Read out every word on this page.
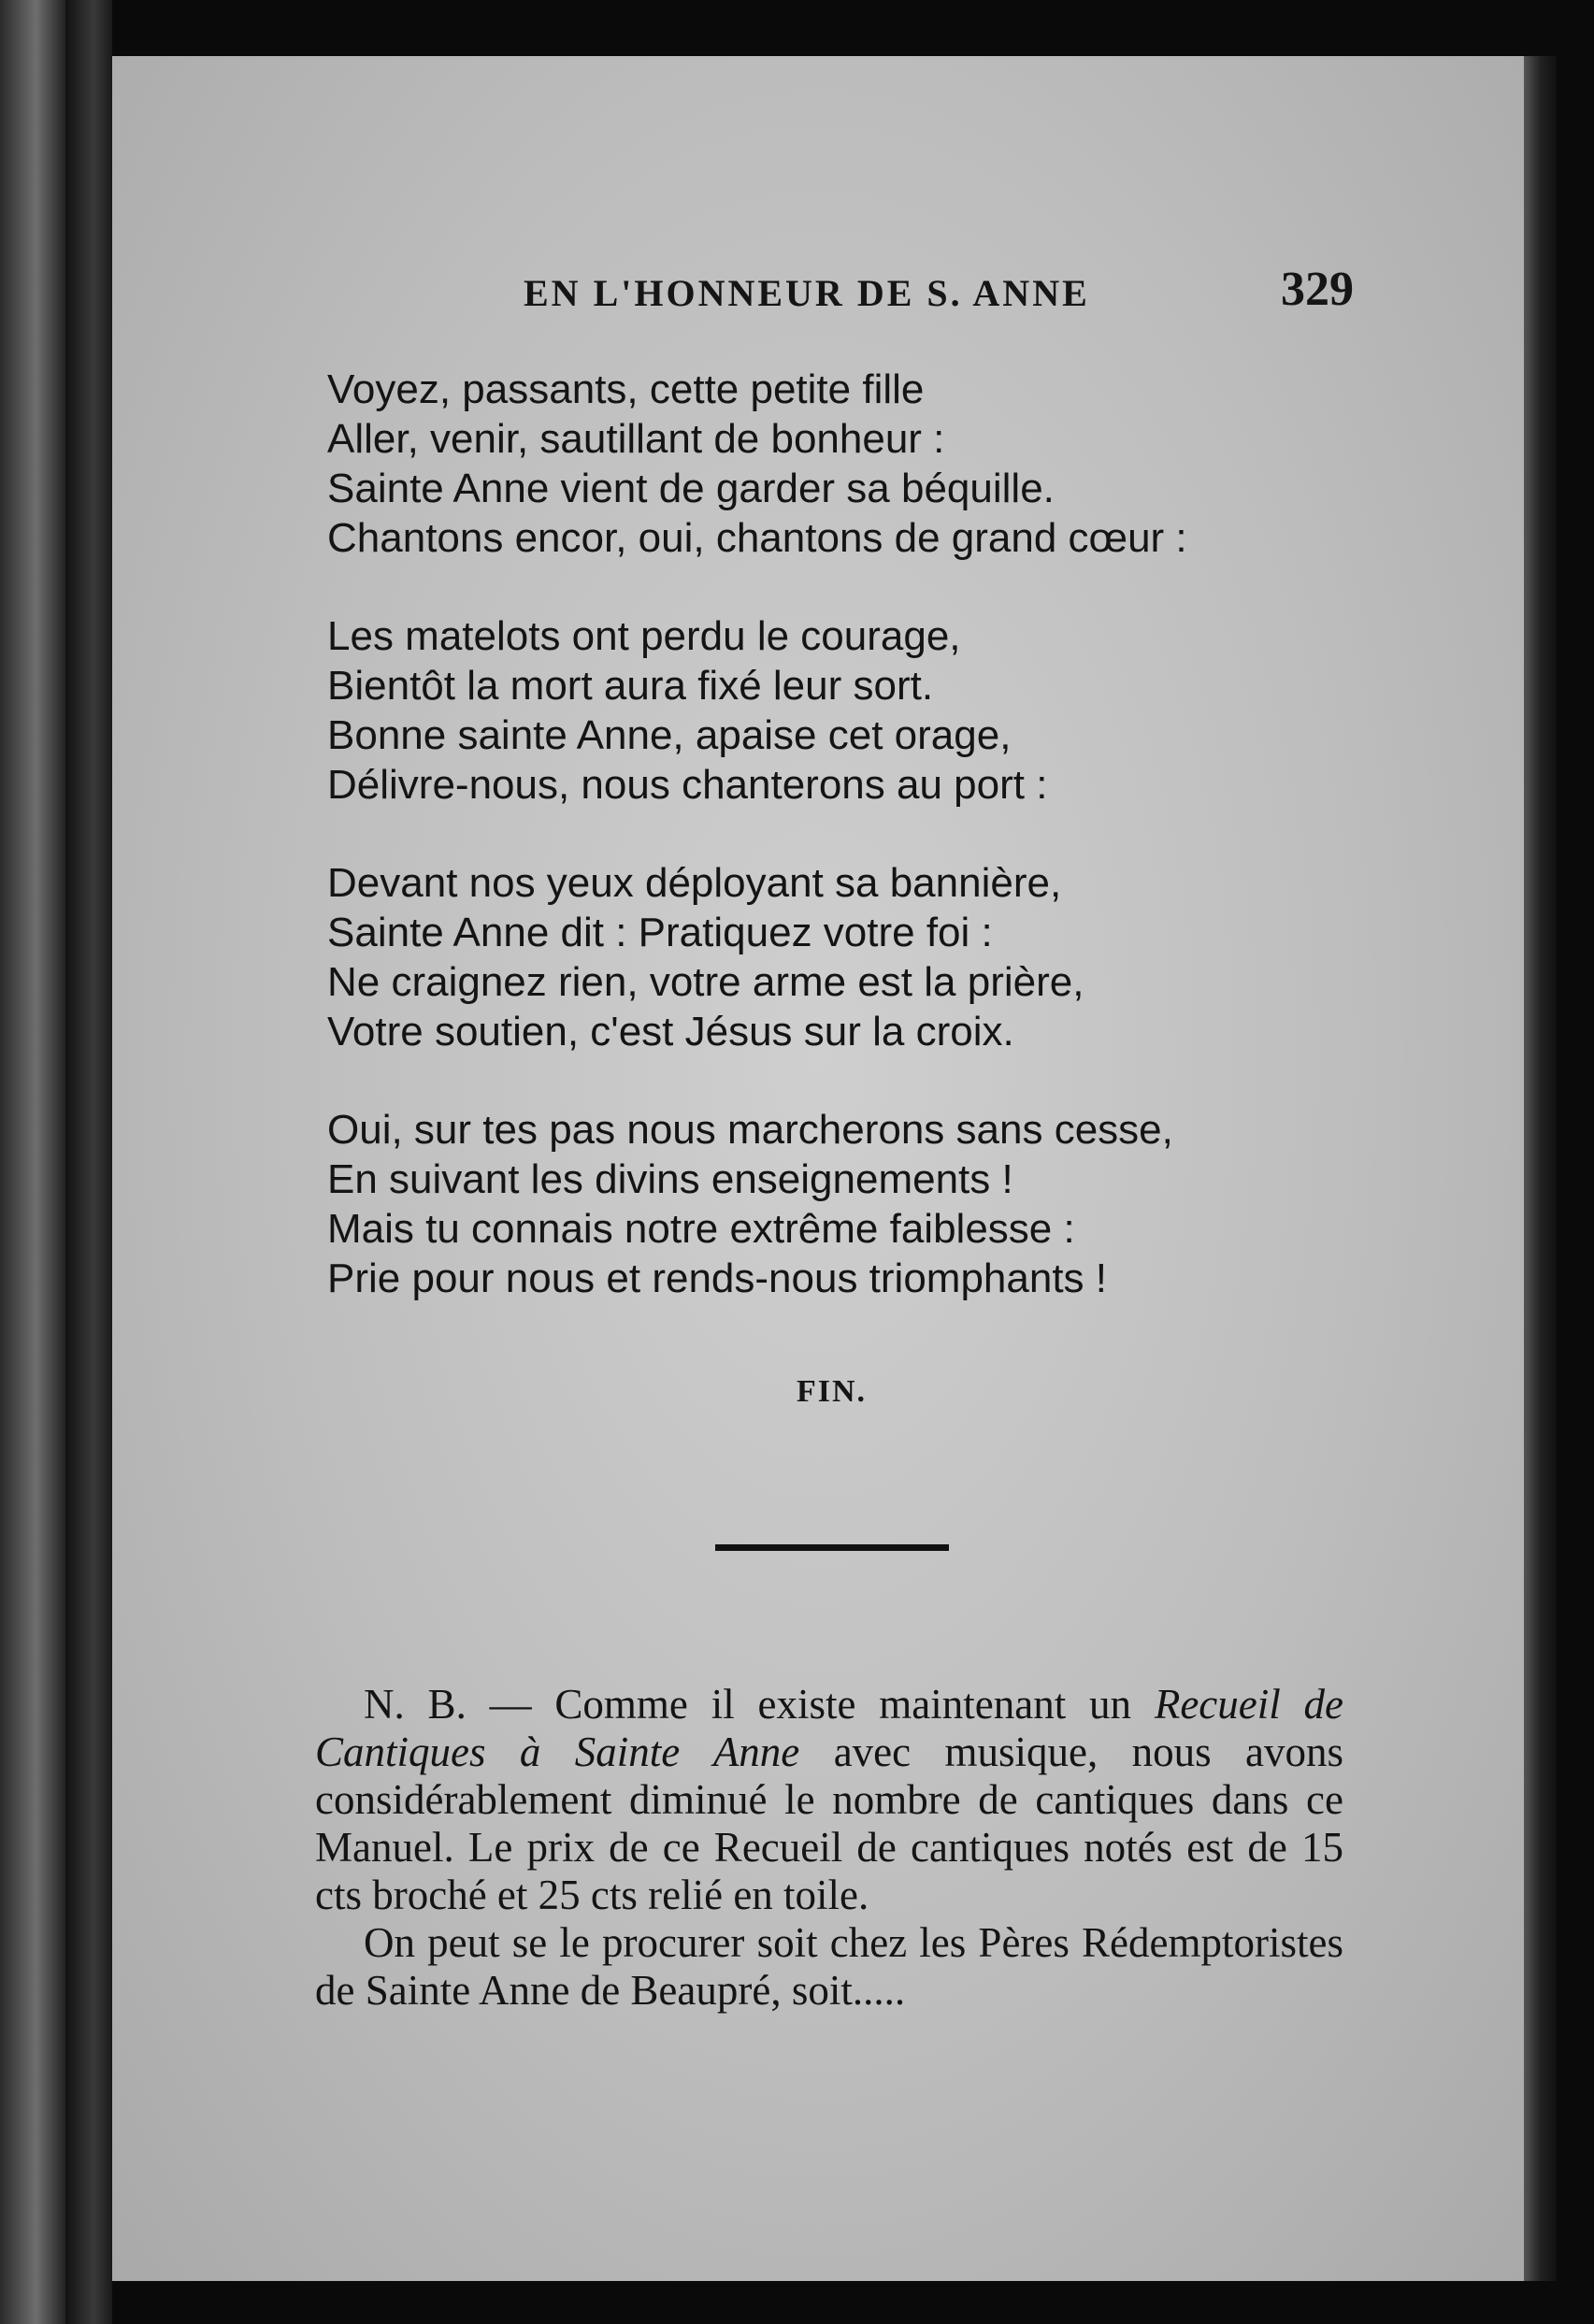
EN L'HONNEUR DE S. ANNE	329
Voyez, passants, cette petite fille
Aller, venir, sautillant de bonheur :
Sainte Anne vient de garder sa béquille.
Chantons encor, oui, chantons de grand cœur :
Les matelots ont perdu le courage,
Bientôt la mort aura fixé leur sort.
Bonne sainte Anne, apaise cet orage,
Délivre-nous, nous chanterons au port :
Devant nos yeux déployant sa bannière,
Sainte Anne dit : Pratiquez votre foi :
Ne craignez rien, votre arme est la prière,
Votre soutien, c'est Jésus sur la croix.
Oui, sur tes pas nous marcherons sans cesse,
En suivant les divins enseignements !
Mais tu connais notre extrême faiblesse :
Prie pour nous et rends-nous triomphants !
FIN.

N. B. — Comme il existe maintenant un Recueil de Cantiques à Sainte Anne avec musique, nous avons considérablement diminué le nombre de cantiques dans ce Manuel. Le prix de ce Recueil de cantiques notés est de 15 cts broché et 25 cts relié en toile.

On peut se le procurer soit chez les Pères Rédemptoristes de Sainte Anne de Beaupré, soit.....
